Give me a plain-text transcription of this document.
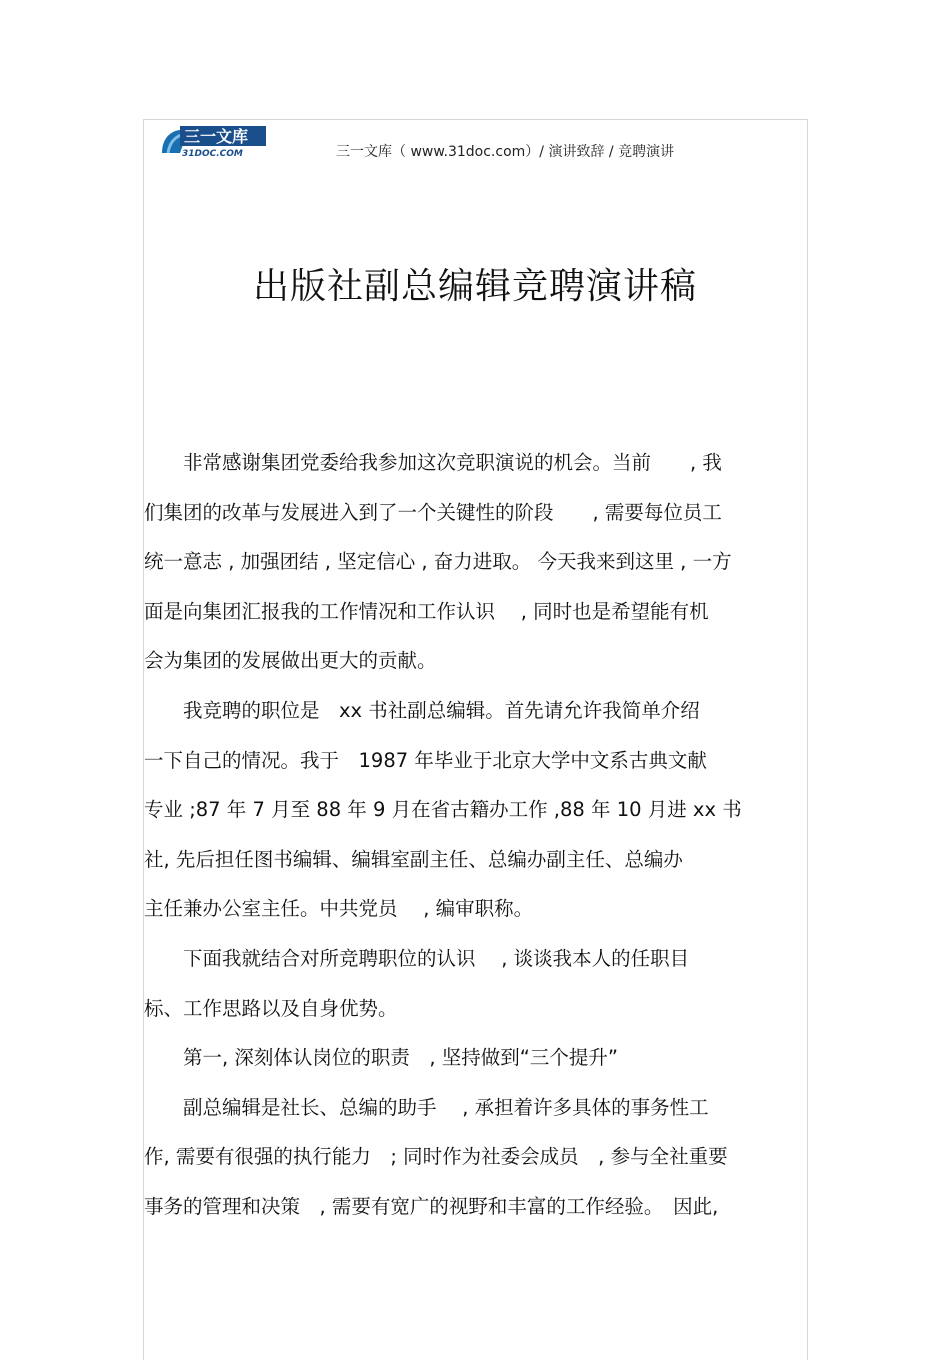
三一文库
31DOC.COM	三一文库（ www.31doc.com）/ 演讲致辞 / 竞聘演讲
出版社副总编辑竞聘演讲稿
　　非常感谢集团党委给我参加这次竞职演说的机会。当前　　, 我
们集团的改革与发展进入到了一个关键性的阶段　　, 需要每位员工
统一意志 , 加强团结 , 坚定信心 , 奋力进取。 今天我来到这里 , 一方
面是向集团汇报我的工作情况和工作认识　 , 同时也是希望能有机
会为集团的发展做出更大的贡献。
　　我竞聘的职位是　xx 书社副总编辑。首先请允许我简单介绍
一下自己的情况。我于　1987 年毕业于北京大学中文系古典文献
专业 ;87 年 7 月至 88 年 9 月在省古籍办工作 ,88 年 10 月进 xx 书
社, 先后担任图书编辑、编辑室副主任、总编办副主任、总编办
主任兼办公室主任。中共党员　 , 编审职称。
　　下面我就结合对所竞聘职位的认识　 , 谈谈我本人的任职目
标、工作思路以及自身优势。
　　第一, 深刻体认岗位的职责　, 坚持做到“三个提升”
　　副总编辑是社长、总编的助手　 , 承担着许多具体的事务性工
作, 需要有很强的执行能力　; 同时作为社委会成员　, 参与全社重要
事务的管理和决策　, 需要有宽广的视野和丰富的工作经验。　因此,
